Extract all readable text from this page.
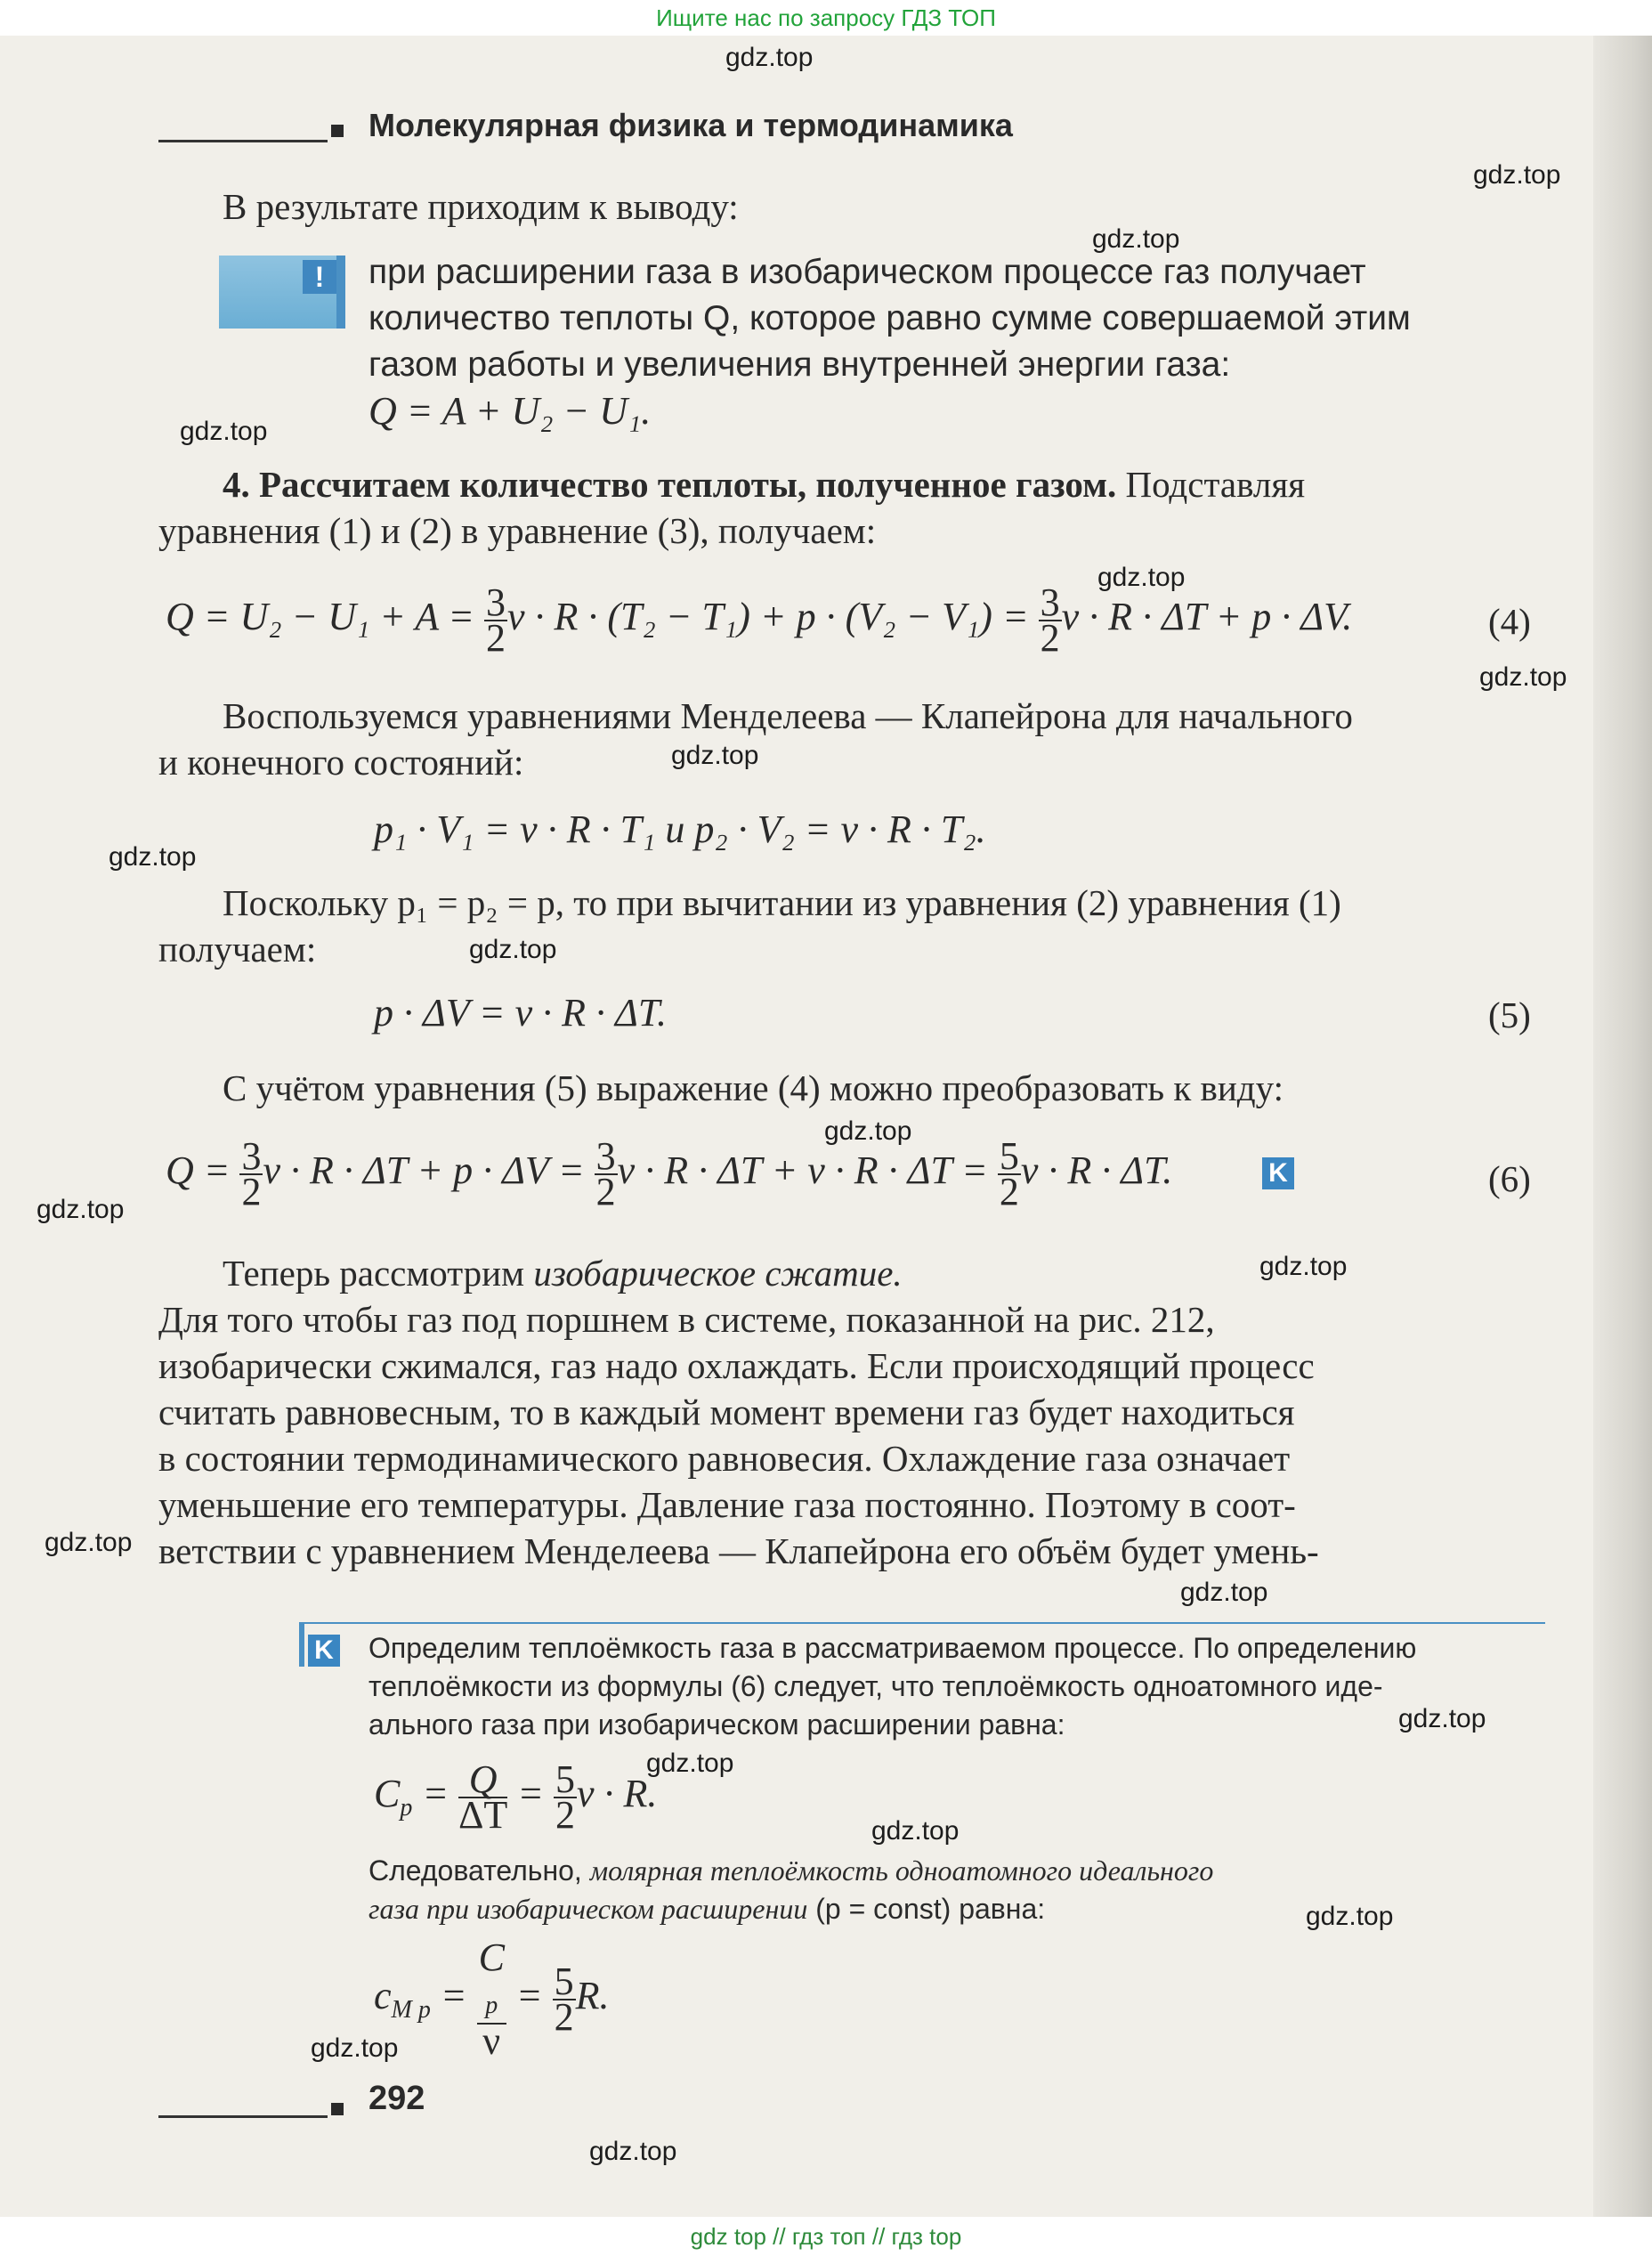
Ищите нас по запросу ГДЗ ТОП
gdz.top
gdz.top
gdz.top
gdz.top
gdz.top
gdz.top
gdz.top
gdz.top
gdz.top
gdz.top
gdz.top
gdz.top
gdz.top
gdz.top
gdz.top
gdz.top
gdz.top
gdz.top
gdz.top
gdz.top
Молекулярная физика и термодинамика
В результате приходим к выводу:
!	при расширении газа в изобарическом процессе газ получает
количество теплоты Q, которое равно сумме совершаемой этим
газом работы и увеличения внутренней энергии газа:
Q = A + U₂ − U₁.
4. Рассчитаем количество теплоты, полученное газом. Подставляя
уравнения (1) и (2) в уравнение (3), получаем:
$Q = U_2 - U_1 + A = \frac{3}{2}$ $\nu \cdot R \cdot (T_2 - T_1) + p \cdot (V_2 - V_1) = \frac{3}{2}$ ν · R · ΔT + p · ΔV.	(4)
Воспользуемся уравнениями Менделеева — Клапейрона для начального
и конечного состояний:
p₁ · V₁ = ν · R · T₁ и p₂ · V₂ = ν · R · T₂.
Поскольку p₁ = p₂ = p, то при вычитании из уравнения (2) уравнения (1)
получаем:
p · ΔV = ν · R · ΔT.	(5)
С учётом уравнения (5) выражение (4) можно преобразовать к виду:
$Q = \frac{3}{2}$ $\nu \cdot R \cdot \Delta T + p \cdot \Delta V = \frac{3}{2}$ $\nu \cdot R \cdot \Delta T + \nu \cdot R \cdot \Delta T = \frac{5}{2}$ ν · R · ΔT.	K	(6)
Теперь рассмотрим изобарическое сжатие.
Для того чтобы газ под поршнем в системе, показанной на рис. 212,
изобарически сжимался, газ надо охлаждать. Если происходящий процесс
считать равновесным, то в каждый момент времени газ будет находиться
в состоянии термодинамического равновесия. Охлаждение газа означает
уменьшение его температуры. Давление газа постоянно. Поэтому в соот-
ветствии с уравнением Менделеева — Клапейрона его объём будет умень-
K Определим теплоёмкость газа в рассматриваемом процессе. По определению
теплоёмкости из формулы (6) следует, что теплоёмкость одноатомного иде-
ального газа при изобарическом расширении равна:
$C_p = \frac{Q}{\Delta T} = \frac{5}{2}$ ν · R.
Следовательно, молярная теплоёмкость одноатомного идеального
газа при изобарическом расширении (p = const) равна:
$c_{M p} = C$
$_p$
$\nu = \frac{5}{2} R$.
292
gdz top // гдз топ // гдз top
